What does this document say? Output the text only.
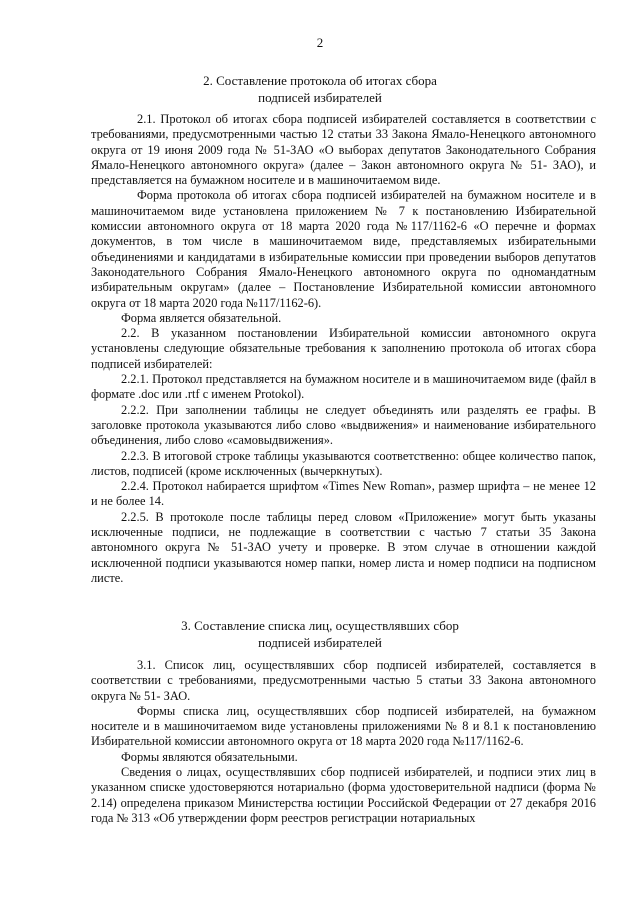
2
2. Составление протокола об итогах сбора
подписей избирателей

2.1. Протокол об итогах сбора подписей избирателей составляется в соответствии с требованиями, предусмотренными частью 12 статьи 33 Закона Ямало-Ненецкого автономного округа от 19 июня 2009 года № 51-ЗАО «О выборах депутатов Законодательного Собрания Ямало-Ненецкого автономного округа» (далее – Закон автономного округа № 51- ЗАО), и представляется на бумажном носителе и в машиночитаемом виде.

Форма протокола об итогах сбора подписей избирателей на бумажном носителе и в машиночитаемом виде установлена приложением № 7 к постановлению Избирательной комиссии автономного округа от 18 марта 2020 года №117/1162-6 «О перечне и формах документов, в том числе в машиночитаемом виде, представляемых избирательными объединениями и кандидатами в избирательные комиссии при проведении выборов депутатов Законодательного Собрания Ямало-Ненецкого автономного округа по одномандатным избирательным округам» (далее – Постановление Избирательной комиссии автономного округа от 18 марта 2020 года №117/1162-6).

Форма является обязательной.

2.2. В указанном постановлении Избирательной комиссии автономного округа установлены следующие обязательные требования к заполнению протокола об итогах сбора подписей избирателей:

2.2.1. Протокол представляется на бумажном носителе и в машиночитаемом виде (файл в формате .doc или .rtf с именем Protokol).

2.2.2. При заполнении таблицы не следует объединять или разделять ее графы. В заголовке протокола указываются либо слово «выдвижения» и наименование избирательного объединения, либо слово «самовыдвижения».

2.2.3. В итоговой строке таблицы указываются соответственно: общее количество папок, листов, подписей (кроме исключенных (вычеркнутых).

2.2.4. Протокол набирается шрифтом «Times New Roman», размер шрифта – не менее 12 и не более 14.

2.2.5. В протоколе после таблицы перед словом «Приложение» могут быть указаны исключенные подписи, не подлежащие в соответствии с частью 7 статьи 35 Закона автономного округа № 51-ЗАО учету и проверке. В этом случае в отношении каждой исключенной подписи указываются номер папки, номер листа и номер подписи на подписном листе.

3. Составление списка лиц, осуществлявших сбор
подписей избирателей

3.1. Список лиц, осуществлявших сбор подписей избирателей, составляется в соответствии с требованиями, предусмотренными частью 5 статьи 33 Закона автономного округа № 51- ЗАО.

Формы списка лиц, осуществлявших сбор подписей избирателей, на бумажном носителе и в машиночитаемом виде установлены приложениями № 8 и 8.1 к постановлению Избирательной комиссии автономного округа от 18 марта 2020 года №117/1162-6.

Формы являются обязательными.

Сведения о лицах, осуществлявших сбор подписей избирателей, и подписи этих лиц в указанном списке удостоверяются нотариально (форма удостоверительной надписи (форма № 2.14) определена приказом Министерства юстиции Российской Федерации от 27 декабря 2016 года № 313 «Об утверждении форм реестров регистрации нотариальных
